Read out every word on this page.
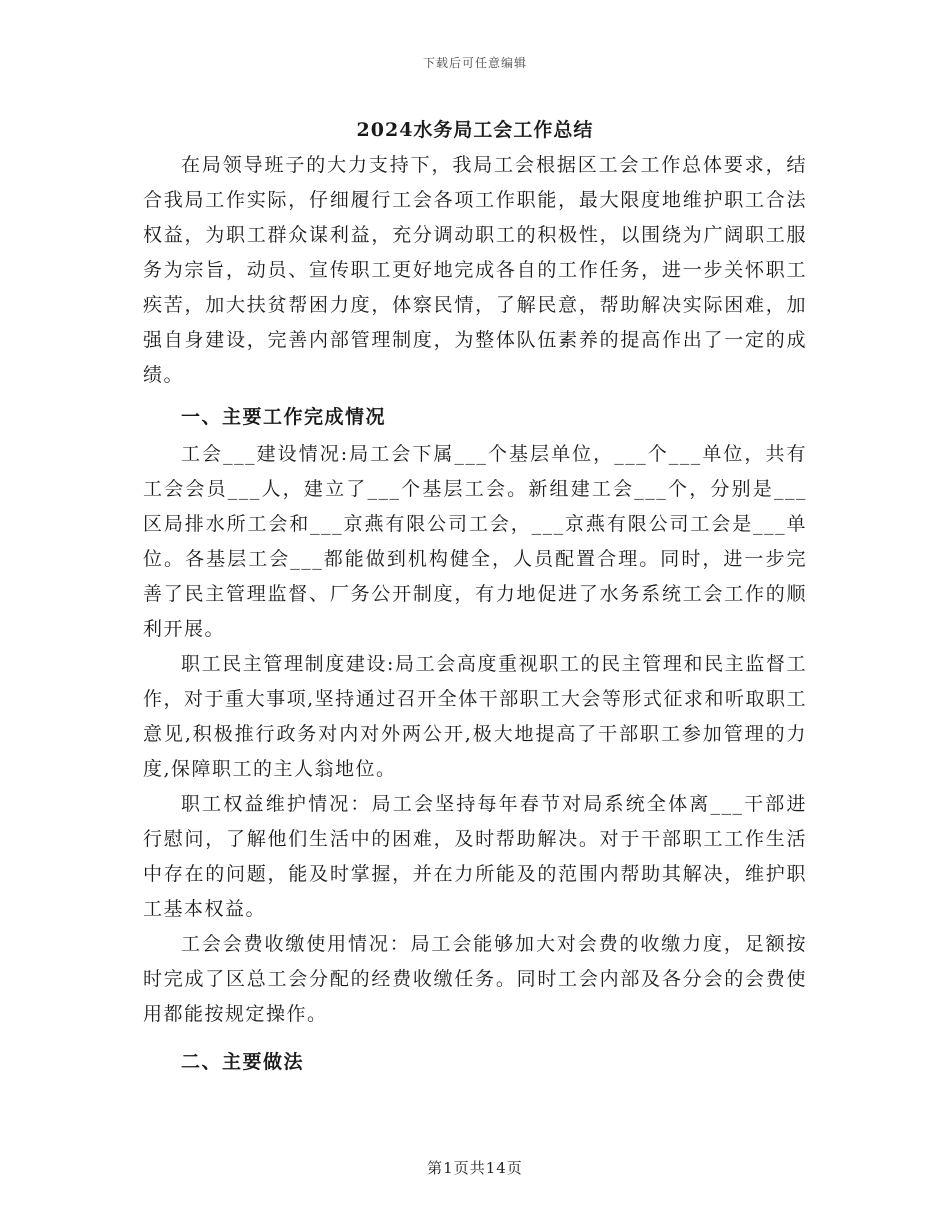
下载后可任意编辑
2024水务局工会工作总结

在局领导班子的大力支持下，我局工会根据区工会工作总体要求，结合我局工作实际，仔细履行工会各项工作职能，最大限度地维护职工合法权益，为职工群众谋利益，充分调动职工的积极性，以围绕为广阔职工服务为宗旨，动员、宣传职工更好地完成各自的工作任务，进一步关怀职工疾苦，加大扶贫帮困力度，体察民情，了解民意，帮助解决实际困难，加强自身建设，完善内部管理制度，为整体队伍素养的提高作出了一定的成绩。

一、主要工作完成情况

工会___建设情况:局工会下属___个基层单位，___个___单位，共有工会会员___人，建立了___个基层工会。新组建工会___个，分别是___区局排水所工会和___京燕有限公司工会，___京燕有限公司工会是___单位。各基层工会___都能做到机构健全，人员配置合理。同时，进一步完善了民主管理监督、厂务公开制度，有力地促进了水务系统工会工作的顺利开展。

职工民主管理制度建设:局工会高度重视职工的民主管理和民主监督工作，对于重大事项,坚持通过召开全体干部职工大会等形式征求和听取职工意见,积极推行政务对内对外两公开,极大地提高了干部职工参加管理的力度,保障职工的主人翁地位。

职工权益维护情况：局工会坚持每年春节对局系统全体离___干部进行慰问，了解他们生活中的困难，及时帮助解决。对于干部职工工作生活中存在的问题，能及时掌握，并在力所能及的范围内帮助其解决，维护职工基本权益。

工会会费收缴使用情况：局工会能够加大对会费的收缴力度，足额按时完成了区总工会分配的经费收缴任务。同时工会内部及各分会的会费使用都能按规定操作。

二、主要做法
第1页共14页
